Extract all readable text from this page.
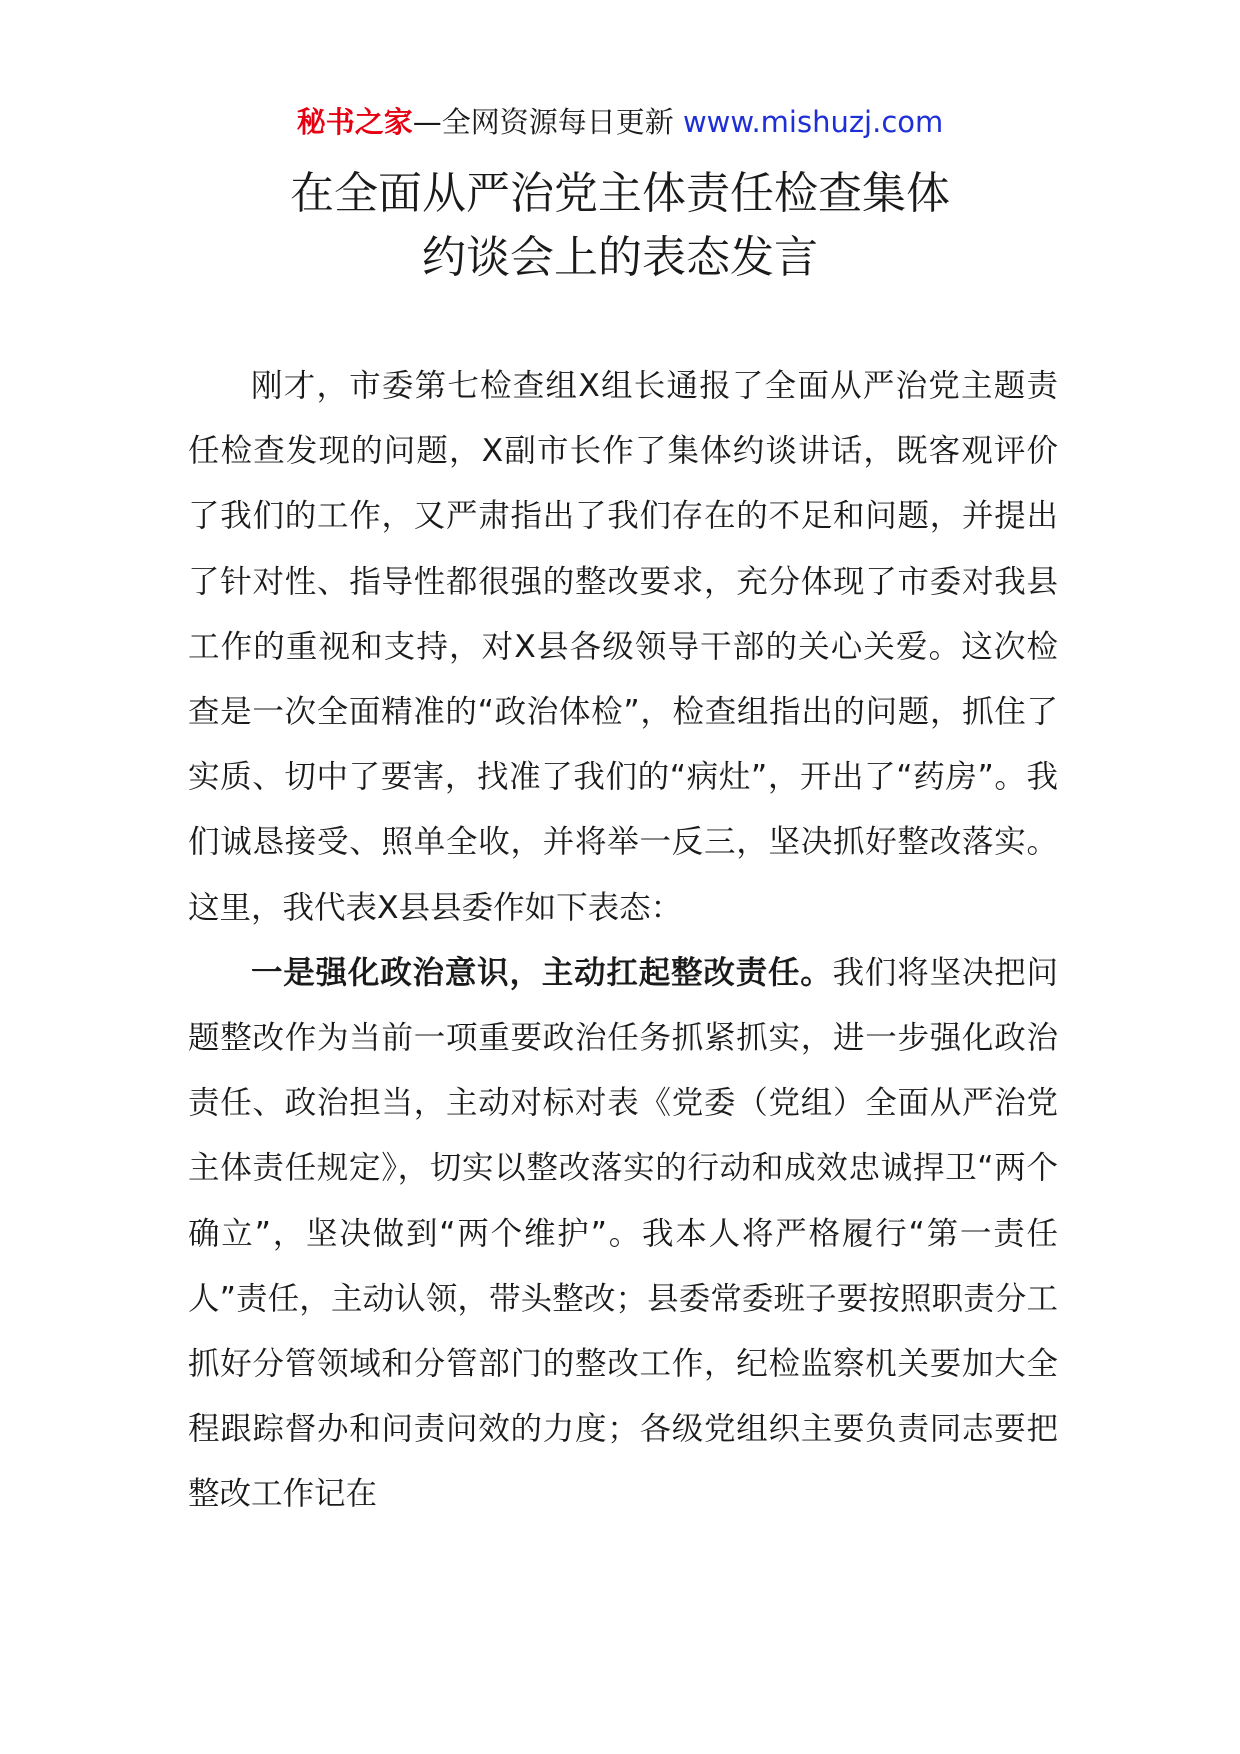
秘书之家—全网资源每日更新 www.mishuzj.com
在全面从严治党主体责任检查集体
约谈会上的表态发言

刚才，市委第七检查组X组长通报了全面从严治党主题责任检查发现的问题，X副市长作了集体约谈讲话，既客观评价了我们的工作，又严肃指出了我们存在的不足和问题，并提出了针对性、指导性都很强的整改要求，充分体现了市委对我县工作的重视和支持，对X县各级领导干部的关心关爱。这次检查是一次全面精准的“政治体检”，检查组指出的问题，抓住了实质、切中了要害，找准了我们的“病灶”，开出了“药房”。我们诚恳接受、照单全收，并将举一反三，坚决抓好整改落实。这里，我代表X县县委作如下表态：

一是强化政治意识，主动扛起整改责任。我们将坚决把问题整改作为当前一项重要政治任务抓紧抓实，进一步强化政治责任、政治担当，主动对标对表《党委（党组）全面从严治党主体责任规定》，切实以整改落实的行动和成效忠诚捍卫“两个确立”，坚决做到“两个维护”。我本人将严格履行“第一责任人”责任，主动认领，带头整改；县委常委班子要按照职责分工抓好分管领域和分管部门的整改工作，纪检监察机关要加大全程跟踪督办和问责问效的力度；各级党组织主要负责同志要把整改工作记在
